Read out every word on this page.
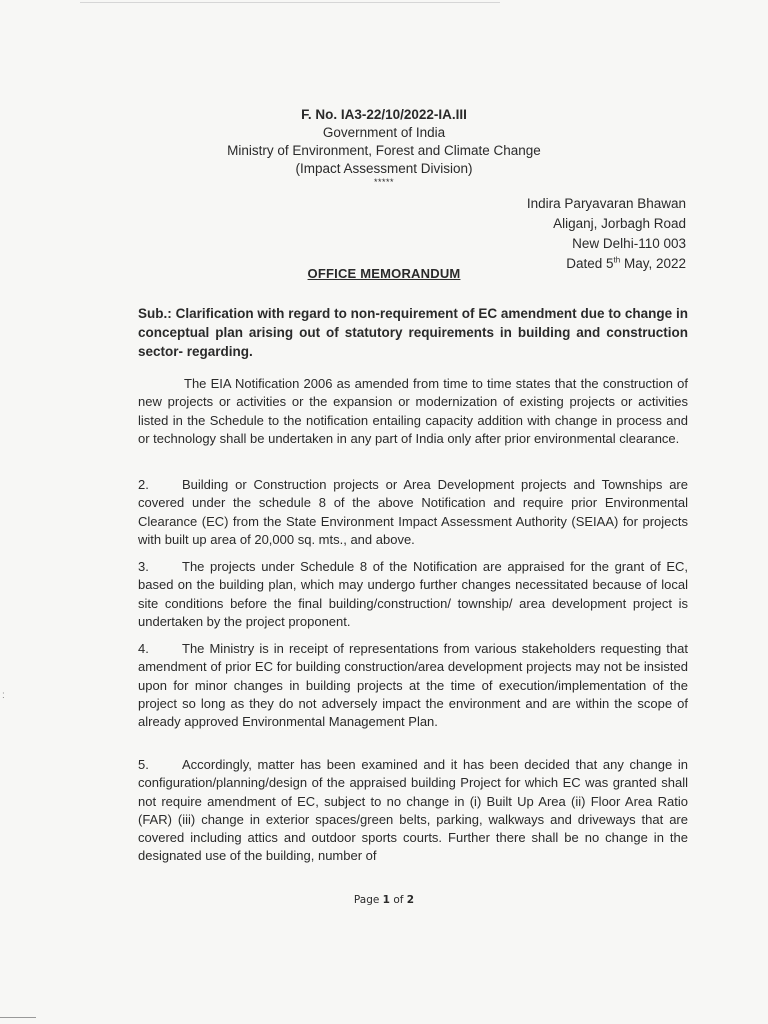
:
F. No. IA3-22/10/2022-IA.III
Government of India
Ministry of Environment, Forest and Climate Change
(Impact Assessment Division)
*****
Indira Paryavaran Bhawan
Aliganj, Jorbagh Road
New Delhi-110 003
Dated 5th May, 2022
OFFICE MEMORANDUM
Sub.: Clarification with regard to non-requirement of EC amendment due to change in conceptual plan arising out of statutory requirements in building and construction sector- regarding.

The EIA Notification 2006 as amended from time to time states that the construction of new projects or activities or the expansion or modernization of existing projects or activities listed in the Schedule to the notification entailing capacity addition with change in process and or technology shall be undertaken in any part of India only after prior environmental clearance.

2.	Building or Construction projects or Area Development projects and Townships are covered under the schedule 8 of the above Notification and require prior Environmental Clearance (EC) from the State Environment Impact Assessment Authority (SEIAA) for projects with built up area of 20,000 sq. mts., and above.

3.	The projects under Schedule 8 of the Notification are appraised for the grant of EC, based on the building plan, which may undergo further changes necessitated because of local site conditions before the final building/construction/ township/ area development project is undertaken by the project proponent.

4.	The Ministry is in receipt of representations from various stakeholders requesting that amendment of prior EC for building construction/area development projects may not be insisted upon for minor changes in building projects at the time of execution/implementation of the project so long as they do not adversely impact the environment and are within the scope of already approved Environmental Management Plan.

5.	Accordingly, matter has been examined and it has been decided that any change in configuration/planning/design of the appraised building Project for which EC was granted shall not require amendment of EC, subject to no change in (i) Built Up Area (ii) Floor Area Ratio (FAR) (iii) change in exterior spaces/green belts, parking, walkways and driveways that are covered including attics and outdoor sports courts. Further there shall be no change in the designated use of the building, number of

Page 1 of 2
